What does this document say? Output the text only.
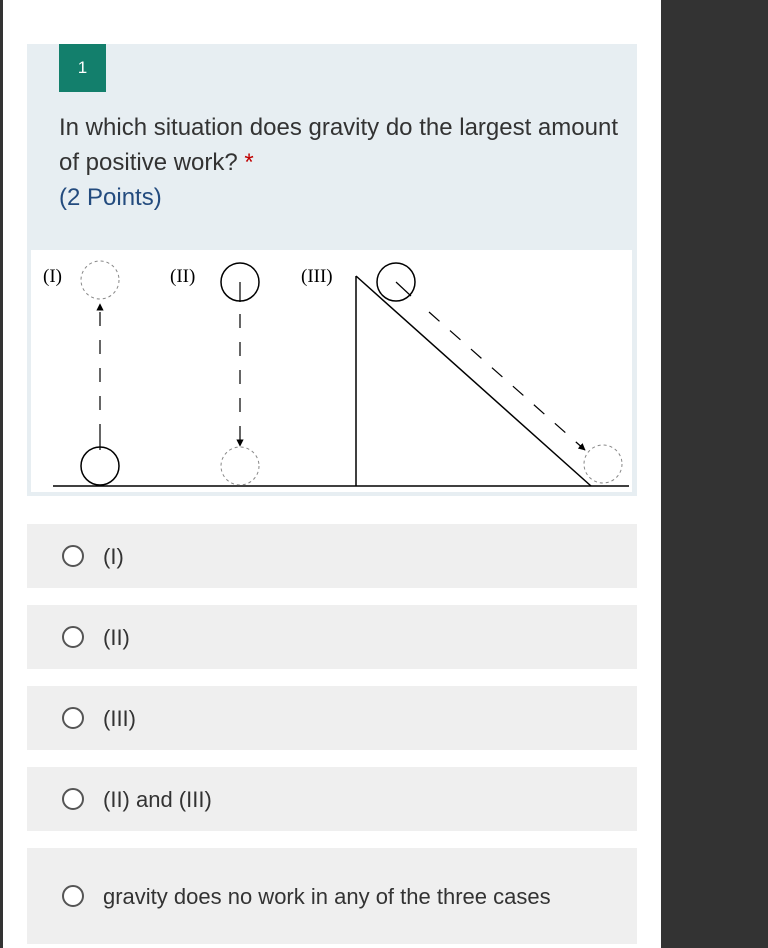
1
In which situation does gravity do the largest amount of positive work? *
(2 Points)
(I)	(II)	(III)
(I)
(II)
(III)
(II) and (III)
gravity does no work in any of the three cases
